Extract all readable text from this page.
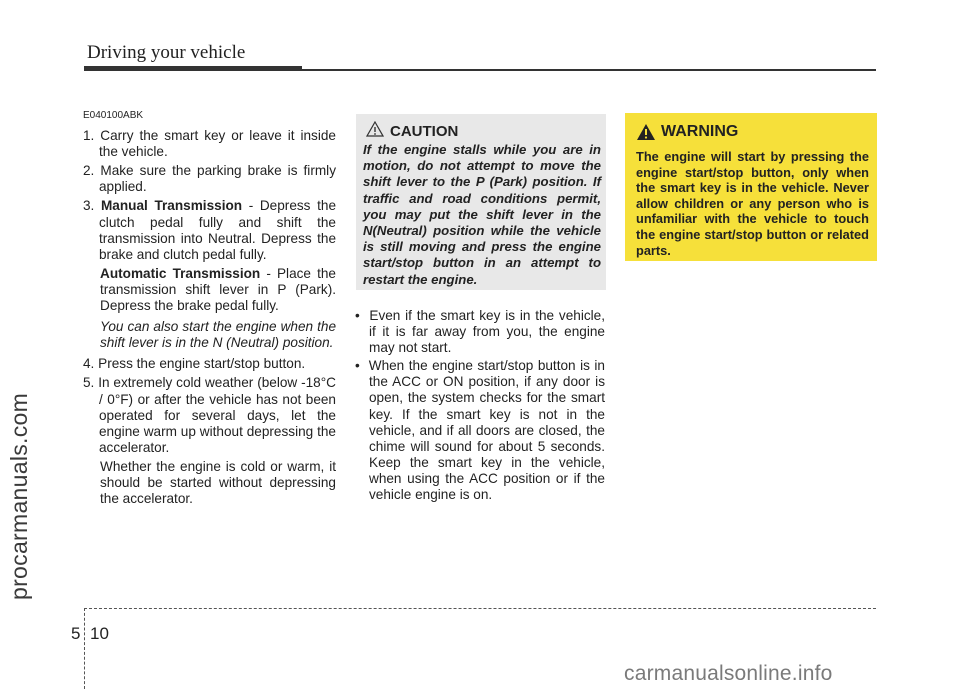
Driving your vehicle
procarmanuals.com
E040100ABK
1. Carry the smart key or leave it inside the vehicle.
2. Make sure the parking brake is firmly applied.
3. Manual Transmission - Depress the clutch pedal fully and shift the transmission into Neutral. Depress the brake and clutch pedal fully.
Automatic Transmission - Place the transmission shift lever in P (Park). Depress the brake pedal fully.
You can also start the engine when the shift lever is in the N (Neutral) position.
4. Press the engine start/stop button.
5. In extremely cold weather (below -18°C / 0°F) or after the vehicle has not been operated for several days, let the engine warm up without depressing the accelerator.
Whether the engine is cold or warm, it should be started without depressing the accelerator.
CAUTION
If the engine stalls while you are in motion, do not attempt to move the shift lever to the P (Park) position. If traffic and road conditions permit, you may put the shift lever in the N(Neutral) position while the vehicle is still moving and press the engine start/stop button in an attempt to restart the engine.
•  Even if the smart key is in the vehicle, if it is far away from you, the engine may not start.
•  When the engine start/stop button is in the ACC or ON position, if any door is open, the system checks for the smart key. If the smart key is not in the vehicle, and if all doors are closed, the chime will sound for about 5 seconds. Keep the smart key in the vehicle, when using the ACC position or if the vehicle engine is on.
WARNING
The engine will start by pressing the engine start/stop button, only when the smart key is in the vehicle. Never allow children or any person who is unfamiliar with the vehicle to touch the engine start/stop button or related parts.
5 10
carmanualsonline.info
